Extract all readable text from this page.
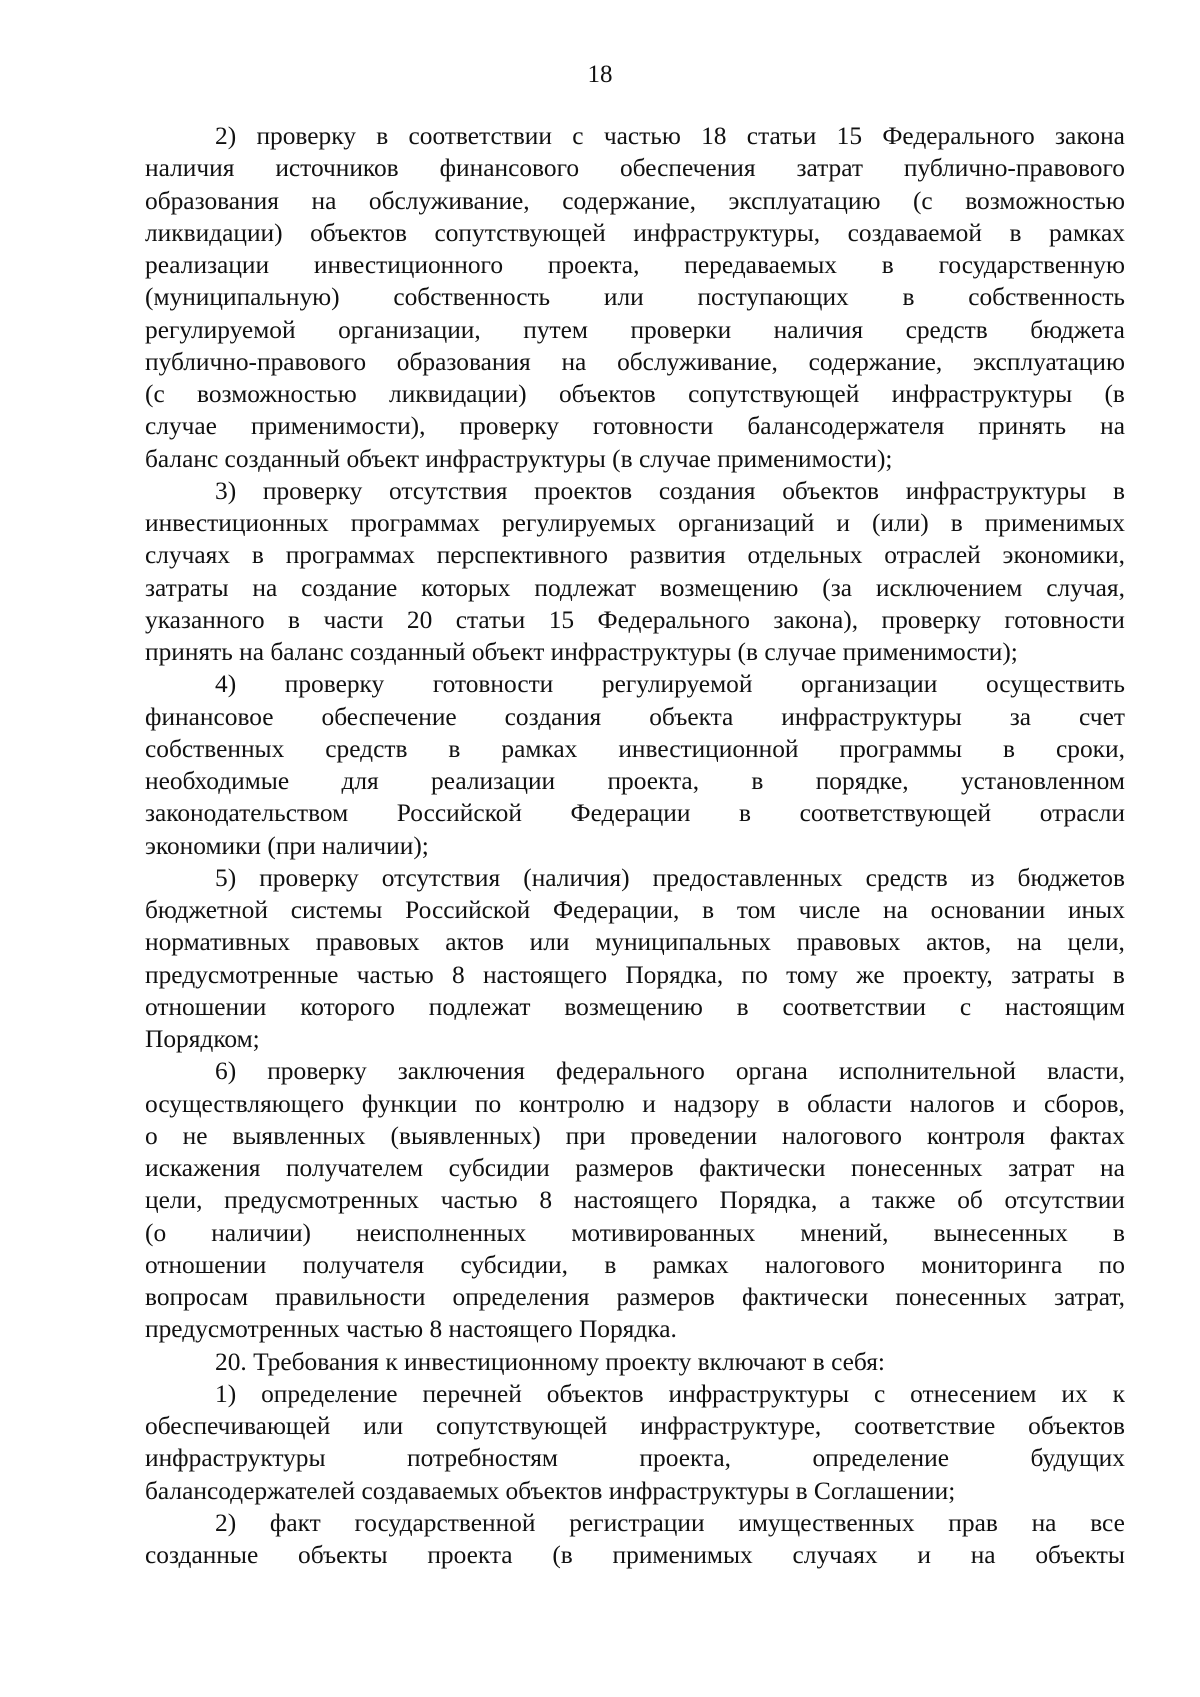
18
2) проверку в соответствии с частью 18 статьи 15 Федерального закона
наличия источников финансового обеспечения затрат публично-правового
образования на обслуживание, содержание, эксплуатацию (с возможностью
ликвидации) объектов сопутствующей инфраструктуры, создаваемой в рамках
реализации инвестиционного проекта, передаваемых в государственную
(муниципальную) собственность или поступающих в собственность
регулируемой организации, путем проверки наличия средств бюджета
публично-правового образования на обслуживание, содержание, эксплуатацию
(с возможностью ликвидации) объектов сопутствующей инфраструктуры (в
случае применимости), проверку готовности балансодержателя принять на
баланс созданный объект инфраструктуры (в случае применимости);
3) проверку отсутствия проектов создания объектов инфраструктуры в
инвестиционных программах регулируемых организаций и (или) в применимых
случаях в программах перспективного развития отдельных отраслей экономики,
затраты на создание которых подлежат возмещению (за исключением случая,
указанного в части 20 статьи 15 Федерального закона), проверку готовности
принять на баланс созданный объект инфраструктуры (в случае применимости);
4) проверку готовности регулируемой организации осуществить
финансовое обеспечение создания объекта инфраструктуры за счет
собственных средств в рамках инвестиционной программы в сроки,
необходимые для реализации проекта, в порядке, установленном
законодательством Российской Федерации в соответствующей отрасли
экономики (при наличии);
5) проверку отсутствия (наличия) предоставленных средств из бюджетов
бюджетной системы Российской Федерации, в том числе на основании иных
нормативных правовых актов или муниципальных правовых актов, на цели,
предусмотренные частью 8 настоящего Порядка, по тому же проекту, затраты в
отношении которого подлежат возмещению в соответствии с настоящим
Порядком;
6) проверку заключения федерального органа исполнительной власти,
осуществляющего функции по контролю и надзору в области налогов и сборов,
о не выявленных (выявленных) при проведении налогового контроля фактах
искажения получателем субсидии размеров фактически понесенных затрат на
цели, предусмотренных частью 8 настоящего Порядка, а также об отсутствии
(о наличии) неисполненных мотивированных мнений, вынесенных в
отношении получателя субсидии, в рамках налогового мониторинга по
вопросам правильности определения размеров фактически понесенных затрат,
предусмотренных частью 8 настоящего Порядка.
20. Требования к инвестиционному проекту включают в себя:
1) определение перечней объектов инфраструктуры с отнесением их к
обеспечивающей или сопутствующей инфраструктуре, соответствие объектов
инфраструктуры	потребностям	проекта,	определение	будущих
балансодержателей создаваемых объектов инфраструктуры в Соглашении;
2) факт государственной регистрации имущественных прав на все
созданные объекты проекта (в применимых случаях и на объекты
